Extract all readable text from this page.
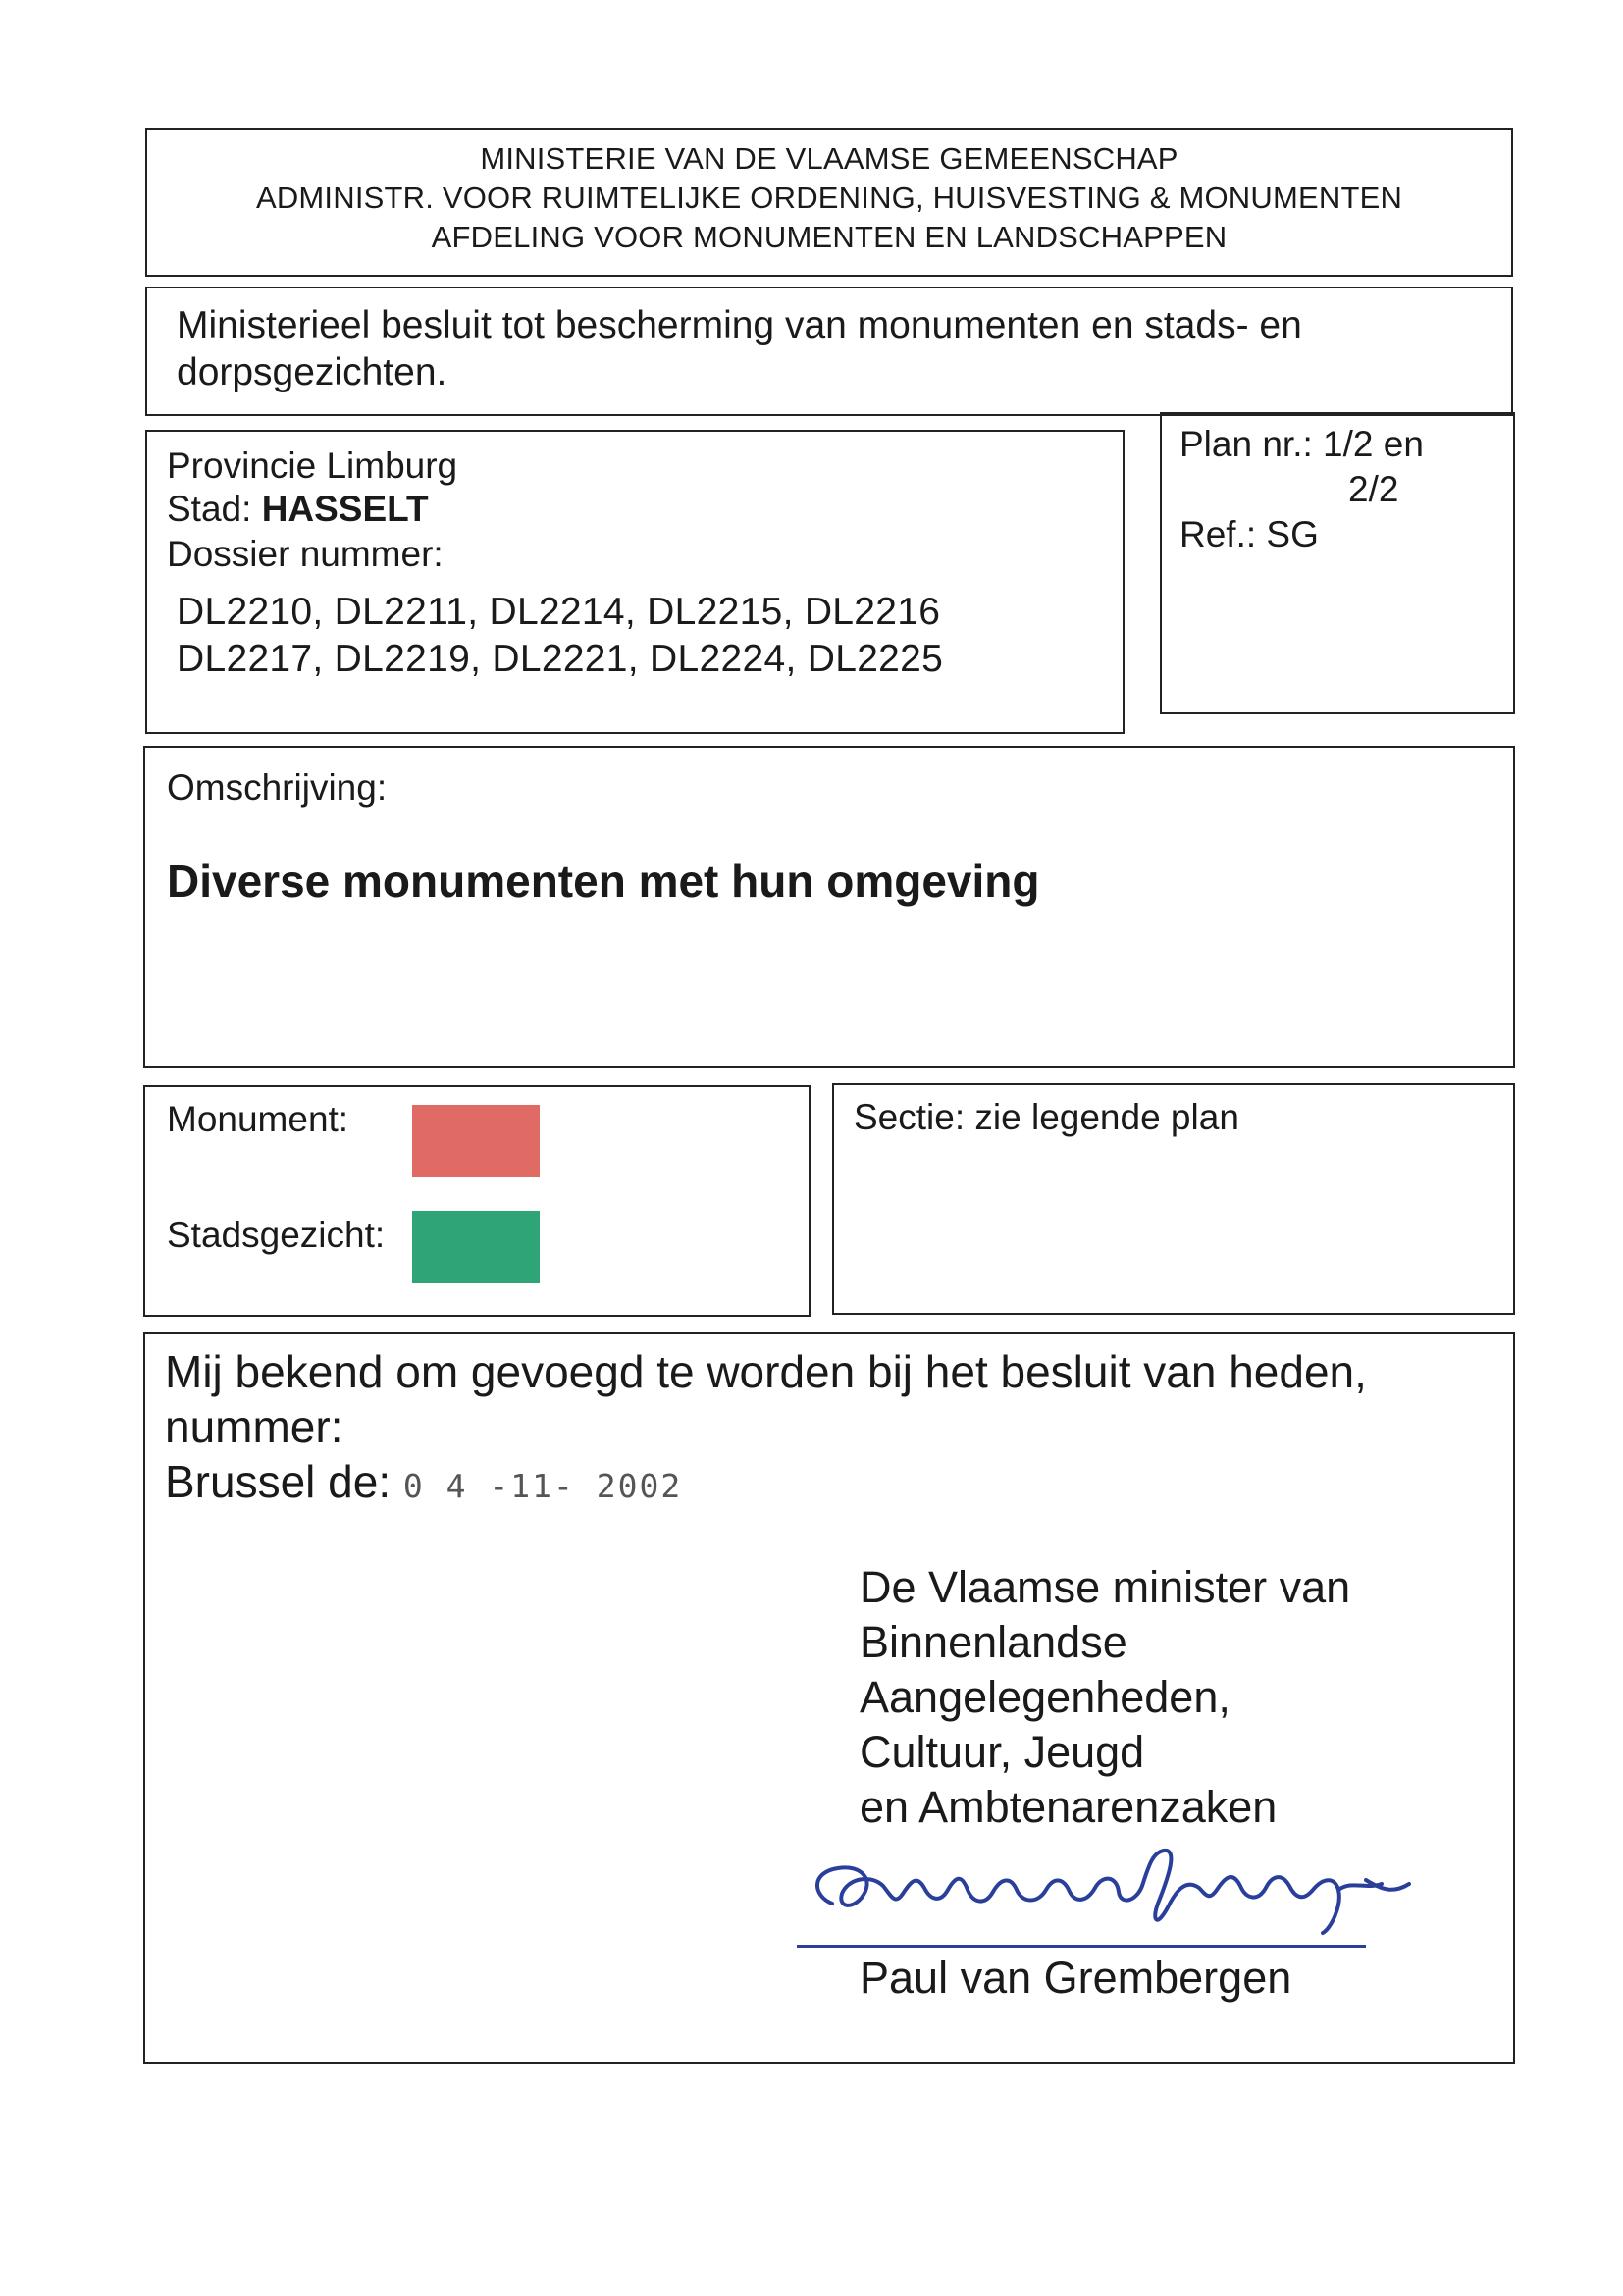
MINISTERIE VAN DE VLAAMSE GEMEENSCHAP
ADMINISTR. VOOR RUIMTELIJKE ORDENING, HUISVESTING & MONUMENTEN
AFDELING VOOR MONUMENTEN EN LANDSCHAPPEN
Ministerieel besluit tot bescherming van monumenten en stads- en
dorpsgezichten.
Provincie Limburg
Stad: HASSELT
Dossier nummer:
DL2210, DL2211, DL2214, DL2215, DL2216
DL2217, DL2219, DL2221, DL2224, DL2225
Plan nr.: 1/2 en
2/2
Ref.: SG
Omschrijving:
Diverse monumenten met hun omgeving
Monument:
Stadsgezicht:
Sectie: zie legende plan
Mij bekend om gevoegd te worden bij het besluit van heden,
nummer:
Brussel de: 0 4 -11- 2002
De Vlaamse minister van
Binnenlandse
Aangelegenheden,
Cultuur, Jeugd
en Ambtenarenzaken
Paul van Grembergen
